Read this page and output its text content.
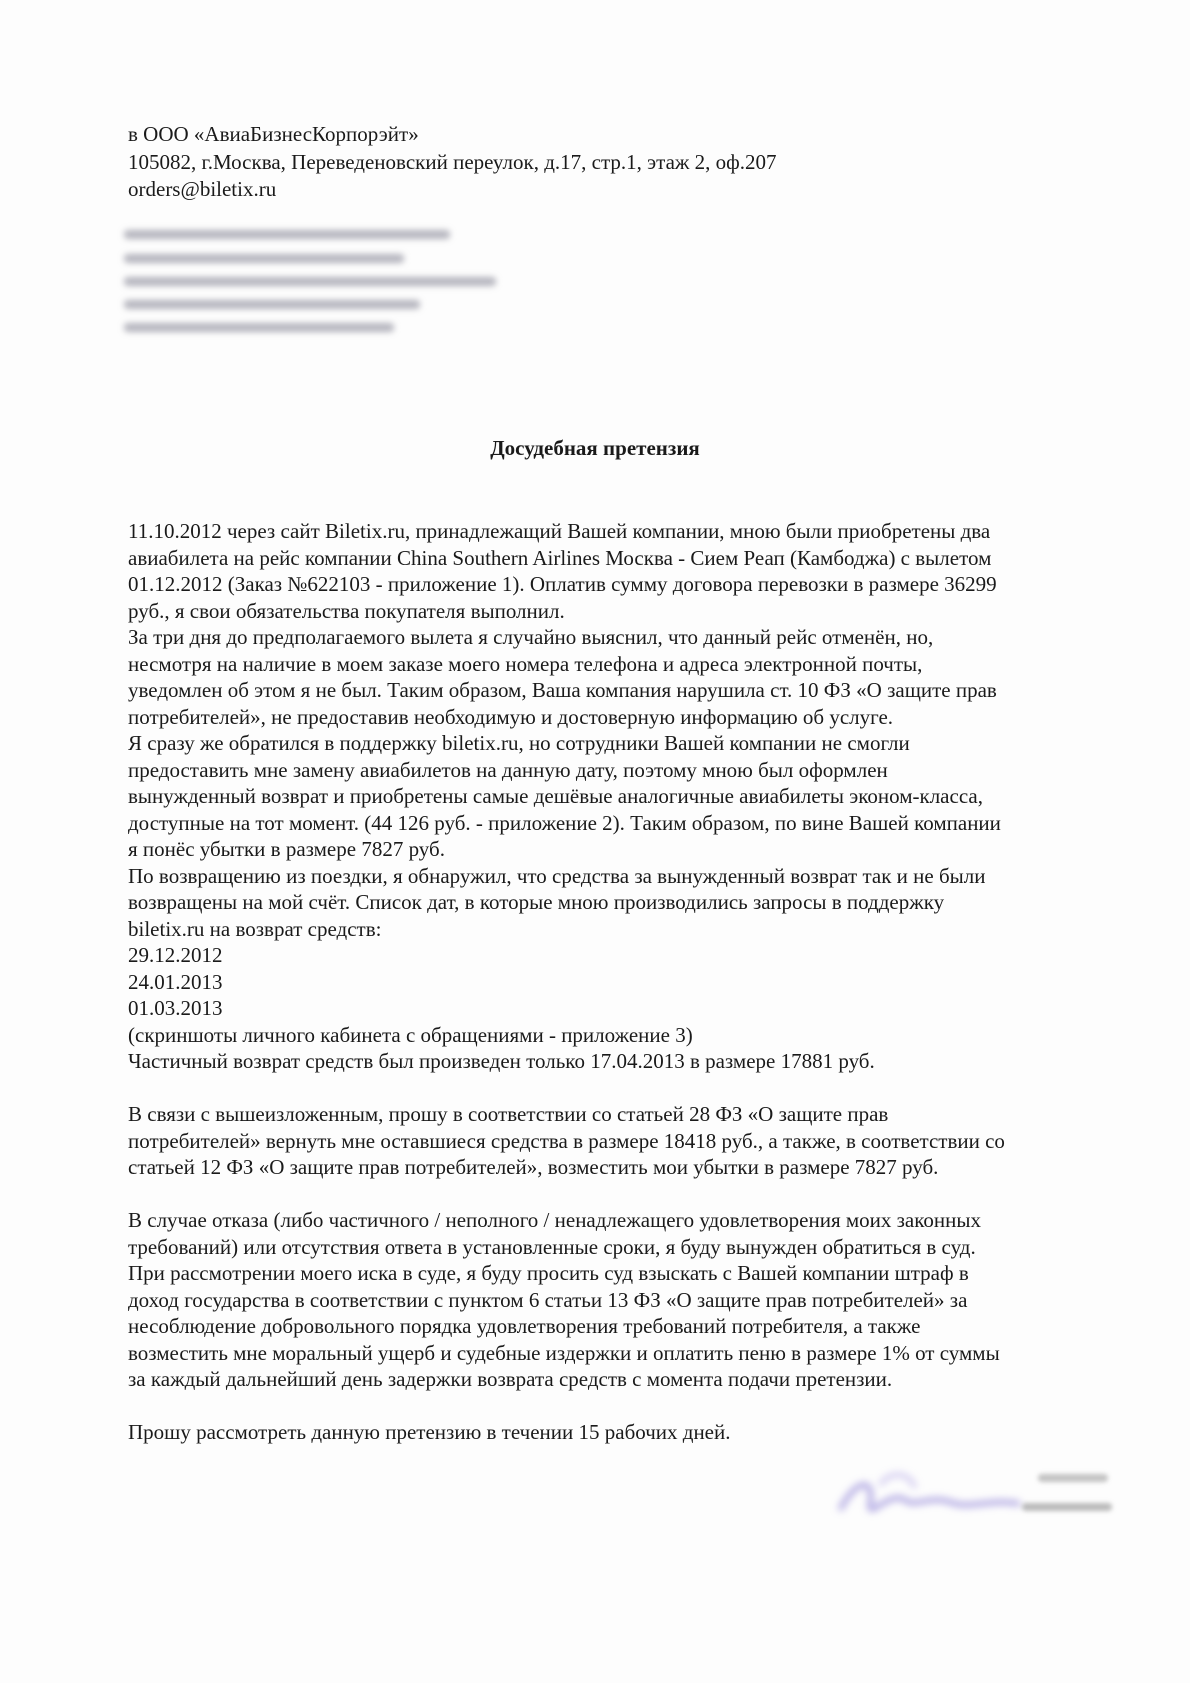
в ООО «АвиаБизнесКорпорэйт»
105082, г.Москва, Переведеновский переулок, д.17, стр.1, этаж 2, оф.207
orders@biletix.ru
Досудебная претензия
11.10.2012 через сайт Biletix.ru, принадлежащий Вашей компании, мною были приобретены два
авиабилета на рейс компании China Southern Airlines Москва - Сием Реап (Камбоджа) с вылетом
01.12.2012 (Заказ №622103 - приложение 1). Оплатив сумму договора перевозки в размере 36299
руб., я свои обязательства покупателя выполнил.
За три дня до предполагаемого вылета я случайно выяснил, что данный рейс отменён, но,
несмотря на наличие в моем заказе моего номера телефона и адреса электронной почты,
уведомлен об этом я не был. Таким образом, Ваша компания нарушила ст. 10 ФЗ «О защите прав
потребителей», не предоставив необходимую и достоверную информацию об услуге.
Я сразу же обратился в поддержку biletix.ru, но сотрудники Вашей компании не смогли
предоставить мне замену авиабилетов на данную дату, поэтому мною был оформлен
вынужденный возврат и приобретены самые дешёвые аналогичные авиабилеты эконом-класса,
доступные на тот момент. (44 126 руб. - приложение 2). Таким образом, по вине Вашей компании
я понёс убытки в размере 7827 руб.
По возвращению из поездки, я обнаружил, что средства за вынужденный возврат так и не были
возвращены на мой счёт. Список дат, в которые мною производились запросы в поддержку
biletix.ru на возврат средств:
29.12.2012
24.01.2013
01.03.2013
(скриншоты личного кабинета с обращениями - приложение 3)
Частичный возврат средств был произведен только 17.04.2013 в размере 17881 руб.
В связи с вышеизложенным, прошу в соответствии со статьей 28 ФЗ «О защите прав
потребителей» вернуть мне оставшиеся средства в размере 18418 руб., а также, в соответствии со
статьей 12 ФЗ «О защите прав потребителей», возместить мои убытки в размере 7827 руб.
В случае отказа (либо частичного / неполного / ненадлежащего удовлетворения моих законных
требований) или отсутствия ответа в установленные сроки, я буду вынужден обратиться в суд.
При рассмотрении моего иска в суде, я буду просить суд взыскать с Вашей компании штраф в
доход государства в соответствии с пунктом 6 статьи 13 ФЗ «О защите прав потребителей» за
несоблюдение добровольного порядка удовлетворения требований потребителя, а также
возместить мне моральный ущерб и судебные издержки и оплатить пеню в размере 1% от суммы
за каждый дальнейший день задержки возврата средств с момента подачи претензии.
Прошу рассмотреть данную претензию в течении 15 рабочих дней.
